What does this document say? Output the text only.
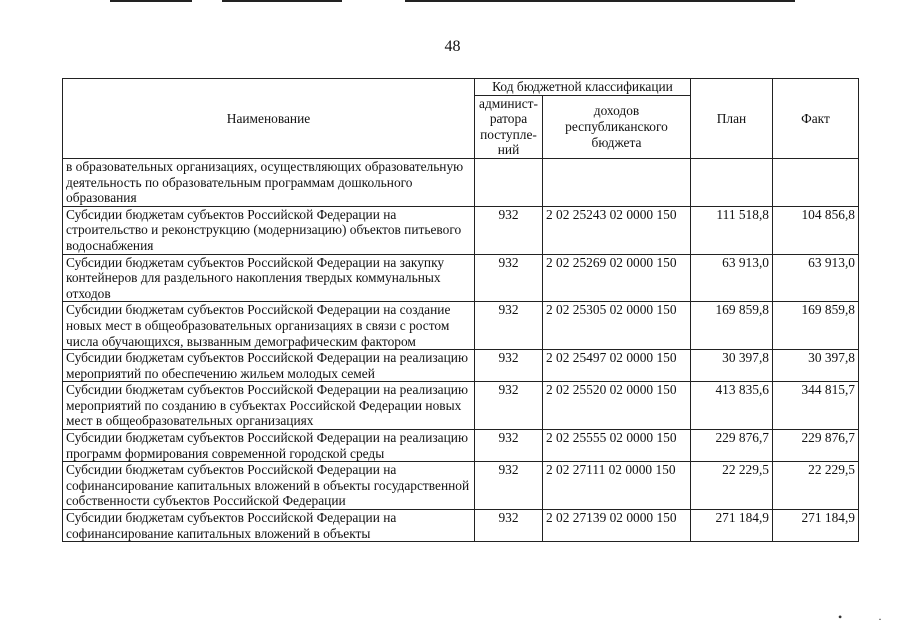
48
Наименование	Код бюджетной классификации		План	Факт
	админист-ратора поступле-ний	доходов республиканского бюджета		
в образовательных организациях, осуществляющих образовательную деятельность по образовательным программам дошкольного образования				
Субсидии бюджетам субъектов Российской Федерации на строительство и реконструкцию (модернизацию) объектов питьевого водоснабжения	932	2 02 25243 02 0000 150	111 518,8	104 856,8
Субсидии бюджетам субъектов Российской Федерации на закупку контейнеров для раздельного накопления твердых коммунальных отходов	932	2 02 25269 02 0000 150	63 913,0	63 913,0
Субсидии бюджетам субъектов Российской Федерации на создание новых мест в общеобразовательных организациях в связи с ростом числа обучающихся, вызванным демографическим фактором	932	2 02 25305 02 0000 150	169 859,8	169 859,8
Субсидии бюджетам субъектов Российской Федерации на реализацию мероприятий по обеспечению жильем молодых семей	932	2 02 25497 02 0000 150	30 397,8	30 397,8
Субсидии бюджетам субъектов Российской Федерации на реализацию мероприятий по созданию в субъектах Российской Федерации новых мест в общеобразовательных организациях	932	2 02 25520 02 0000 150	413 835,6	344 815,7
Субсидии бюджетам субъектов Российской Федерации на реализацию программ формирования современной городской среды	932	2 02 25555 02 0000 150	229 876,7	229 876,7
Субсидии бюджетам субъектов Российской Федерации на софинансирование капитальных вложений в объекты государственной собственности субъектов Российской Федерации	932	2 02 27111 02 0000 150	22 229,5	22 229,5
Субсидии бюджетам субъектов Российской Федерации на софинансирование капитальных вложений в объекты	932	2 02 27139 02 0000 150	271 184,9	271 184,9
•	·
